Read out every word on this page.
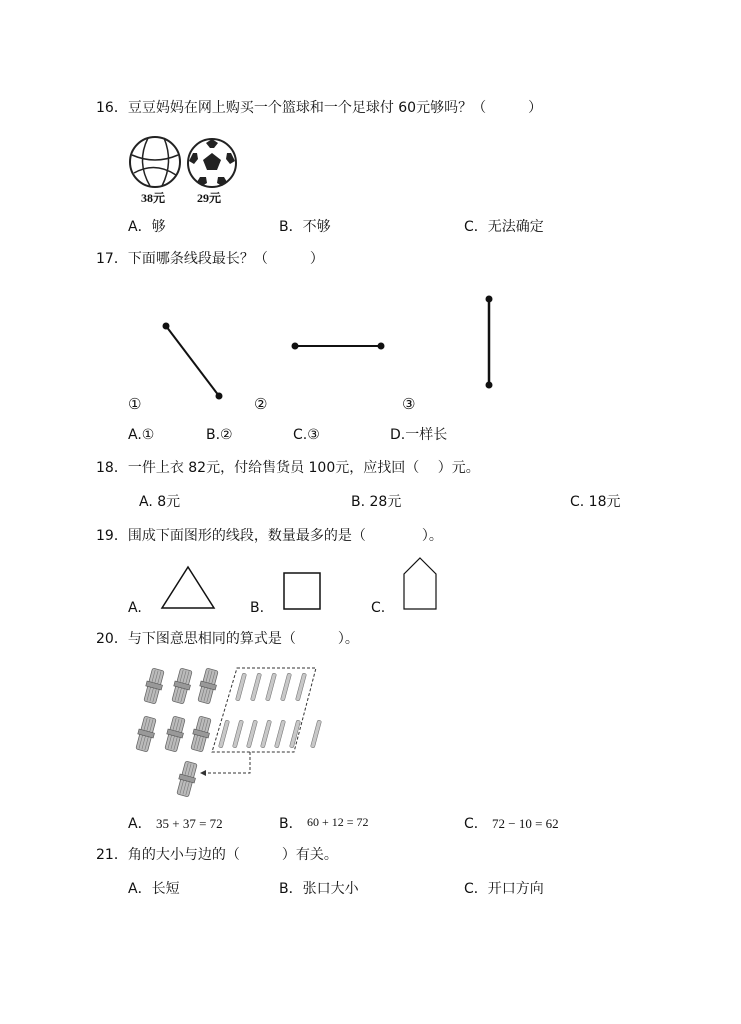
16．豆豆妈妈在网上购买一个篮球和一个足球付 60元够吗？（　　　）
38元	29元
A．够	B．不够	C．无法确定
17．下面哪条线段最长？（　　　）
①	②	③
A.①	B.②	C.③	D.一样长
18．一件上衣 82元，付给售货员 100元，应找回（　 ）元。
A. 8元	B. 28元	C. 18元
19．围成下面图形的线段，数量最多的是（　　　　）。
A.	B.	C.
20．与下图意思相同的算式是（　　　）。
A． 35 + 37 = 72	B． 60 + 12 = 72	C． 72 − 10 = 62
21．角的大小与边的（　　　）有关。
A．长短	B．张口大小	C．开口方向
